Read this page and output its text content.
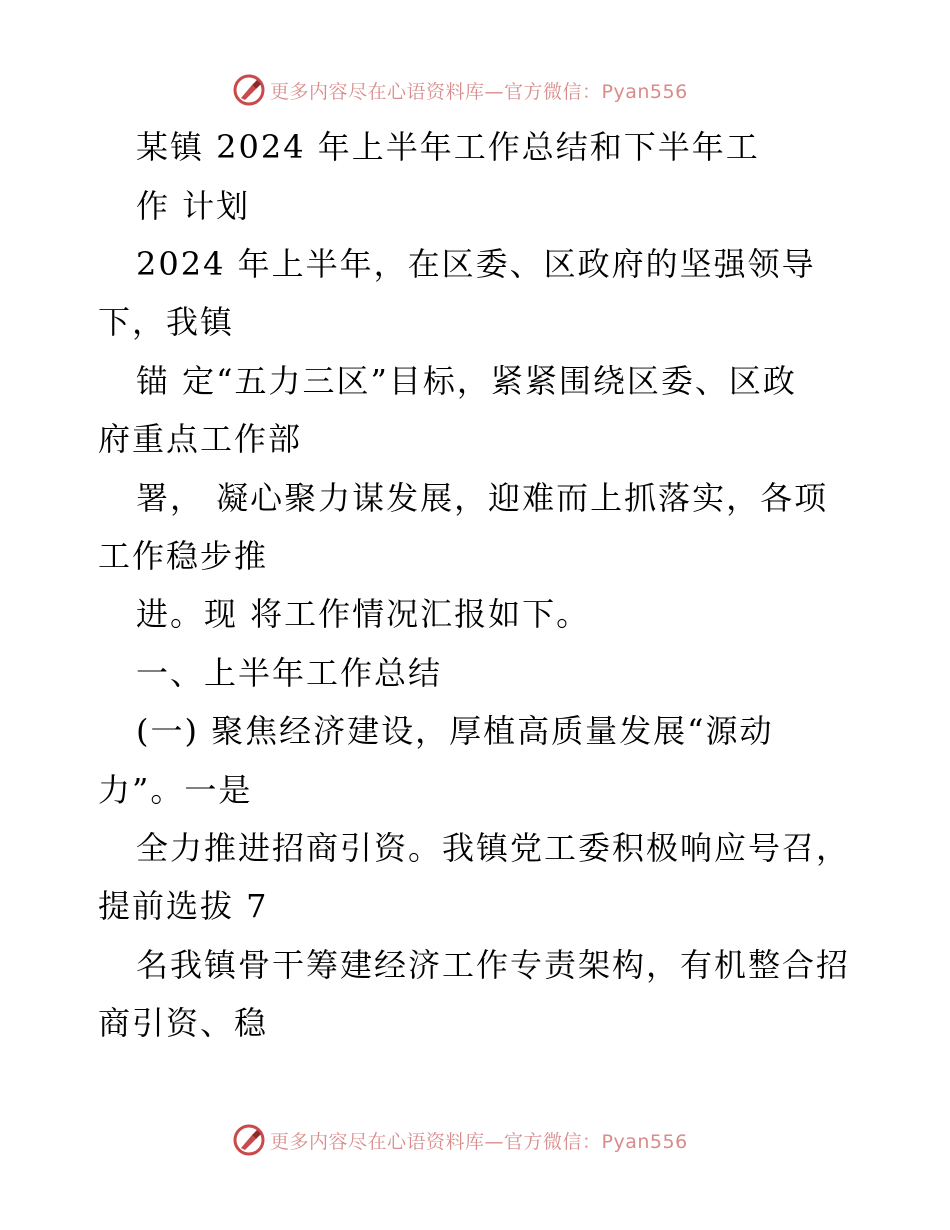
更多内容尽在心语资料库—官方微信：Pyan556
某镇 2024 年上半年工作总结和下半年工
作 计划
2024 年上半年，在区委、区政府的坚强领导
下，我镇
锚 定“五力三区”目标，紧紧围绕区委、区政
府重点工作部
署， 凝心聚力谋发展，迎难而上抓落实，各项
工作稳步推
进。现 将工作情况汇报如下。
一、上半年工作总结
(一) 聚焦经济建设，厚植高质量发展“源动
力”。一是
全力推进招商引资。我镇党工委积极响应号召，
提前选拔 7
名我镇骨干筹建经济工作专责架构，有机整合招
商引资、稳
更多内容尽在心语资料库—官方微信：Pyan556
